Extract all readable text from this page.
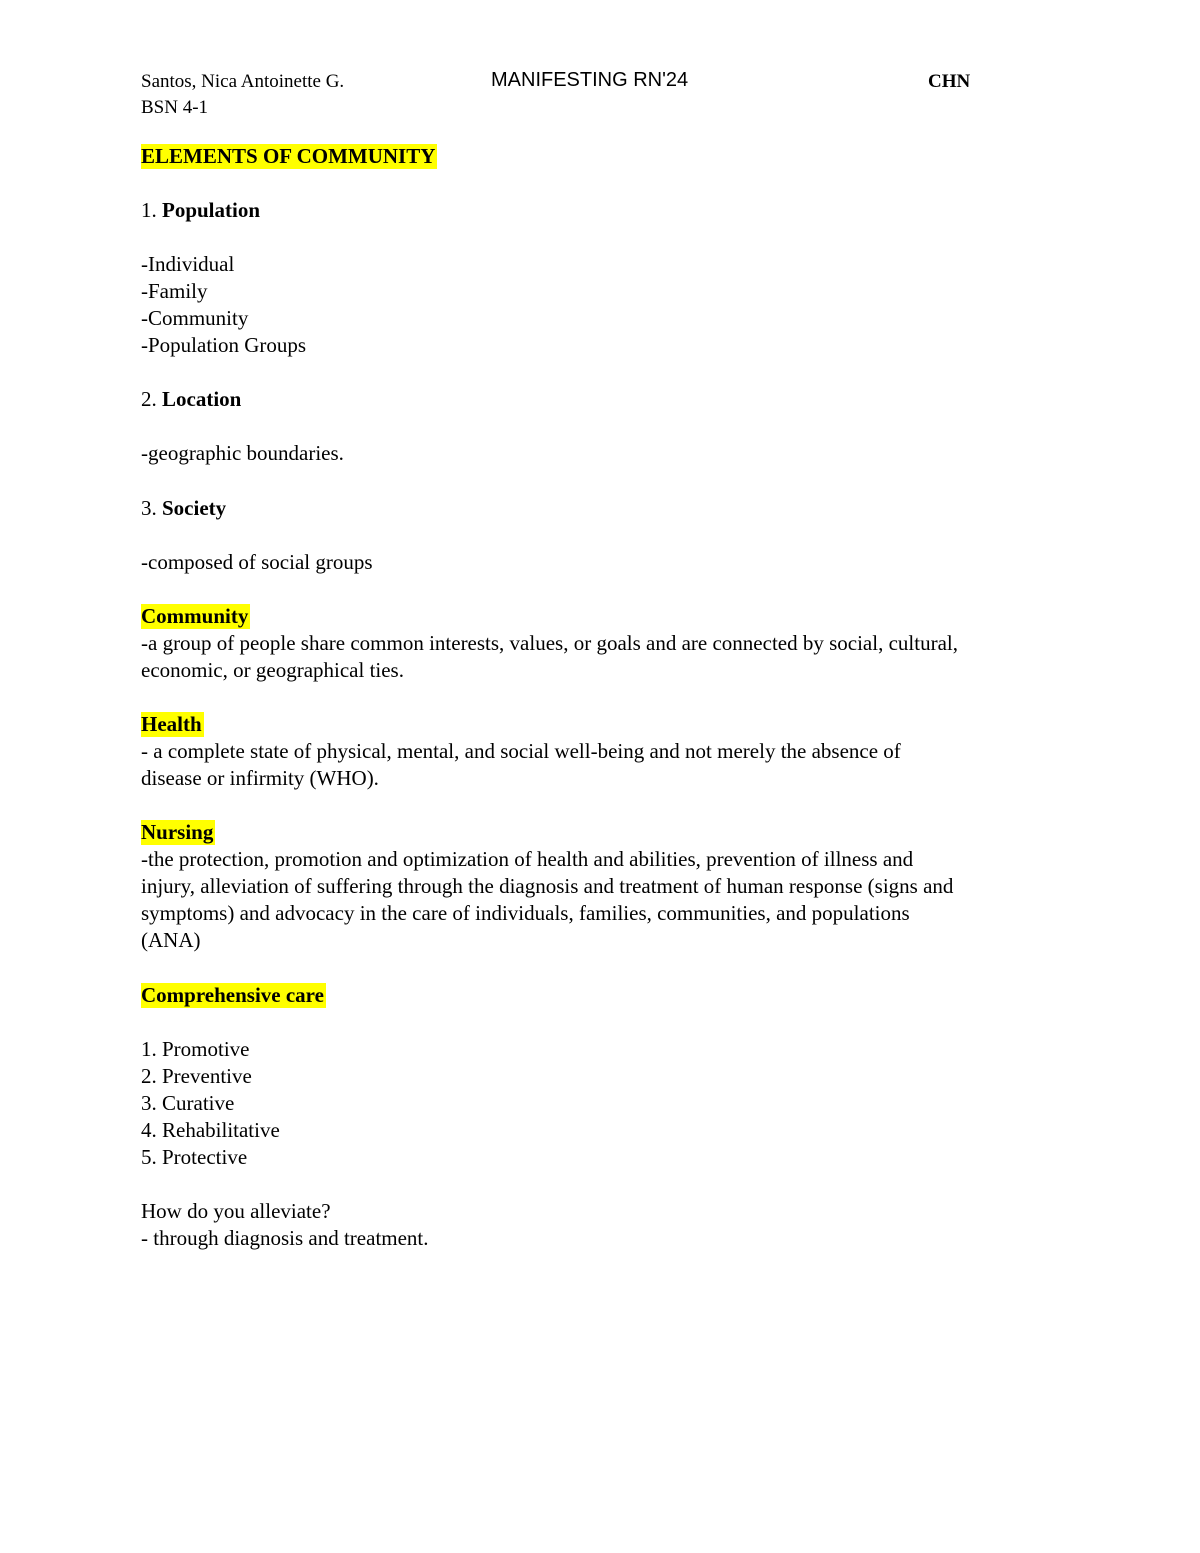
Santos, Nica Antoinette G.
BSN 4-1
MANIFESTING RN'24	CHN
ELEMENTS OF COMMUNITY
1. Population
-Individual
-Family
-Community
-Population Groups
2. Location
-geographic boundaries.
3. Society
-composed of social groups
Community
-a group of people share common interests, values, or goals and are connected by social, cultural,
economic, or geographical ties.
Health
- a complete state of physical, mental, and social well-being and not merely the absence of
disease or infirmity (WHO).
Nursing
-the protection, promotion and optimization of health and abilities, prevention of illness and
injury, alleviation of suffering through the diagnosis and treatment of human response (signs and
symptoms) and advocacy in the care of individuals, families, communities, and populations
(ANA)
Comprehensive care
1. Promotive
2. Preventive
3. Curative
4. Rehabilitative
5. Protective
How do you alleviate?
- through diagnosis and treatment.
